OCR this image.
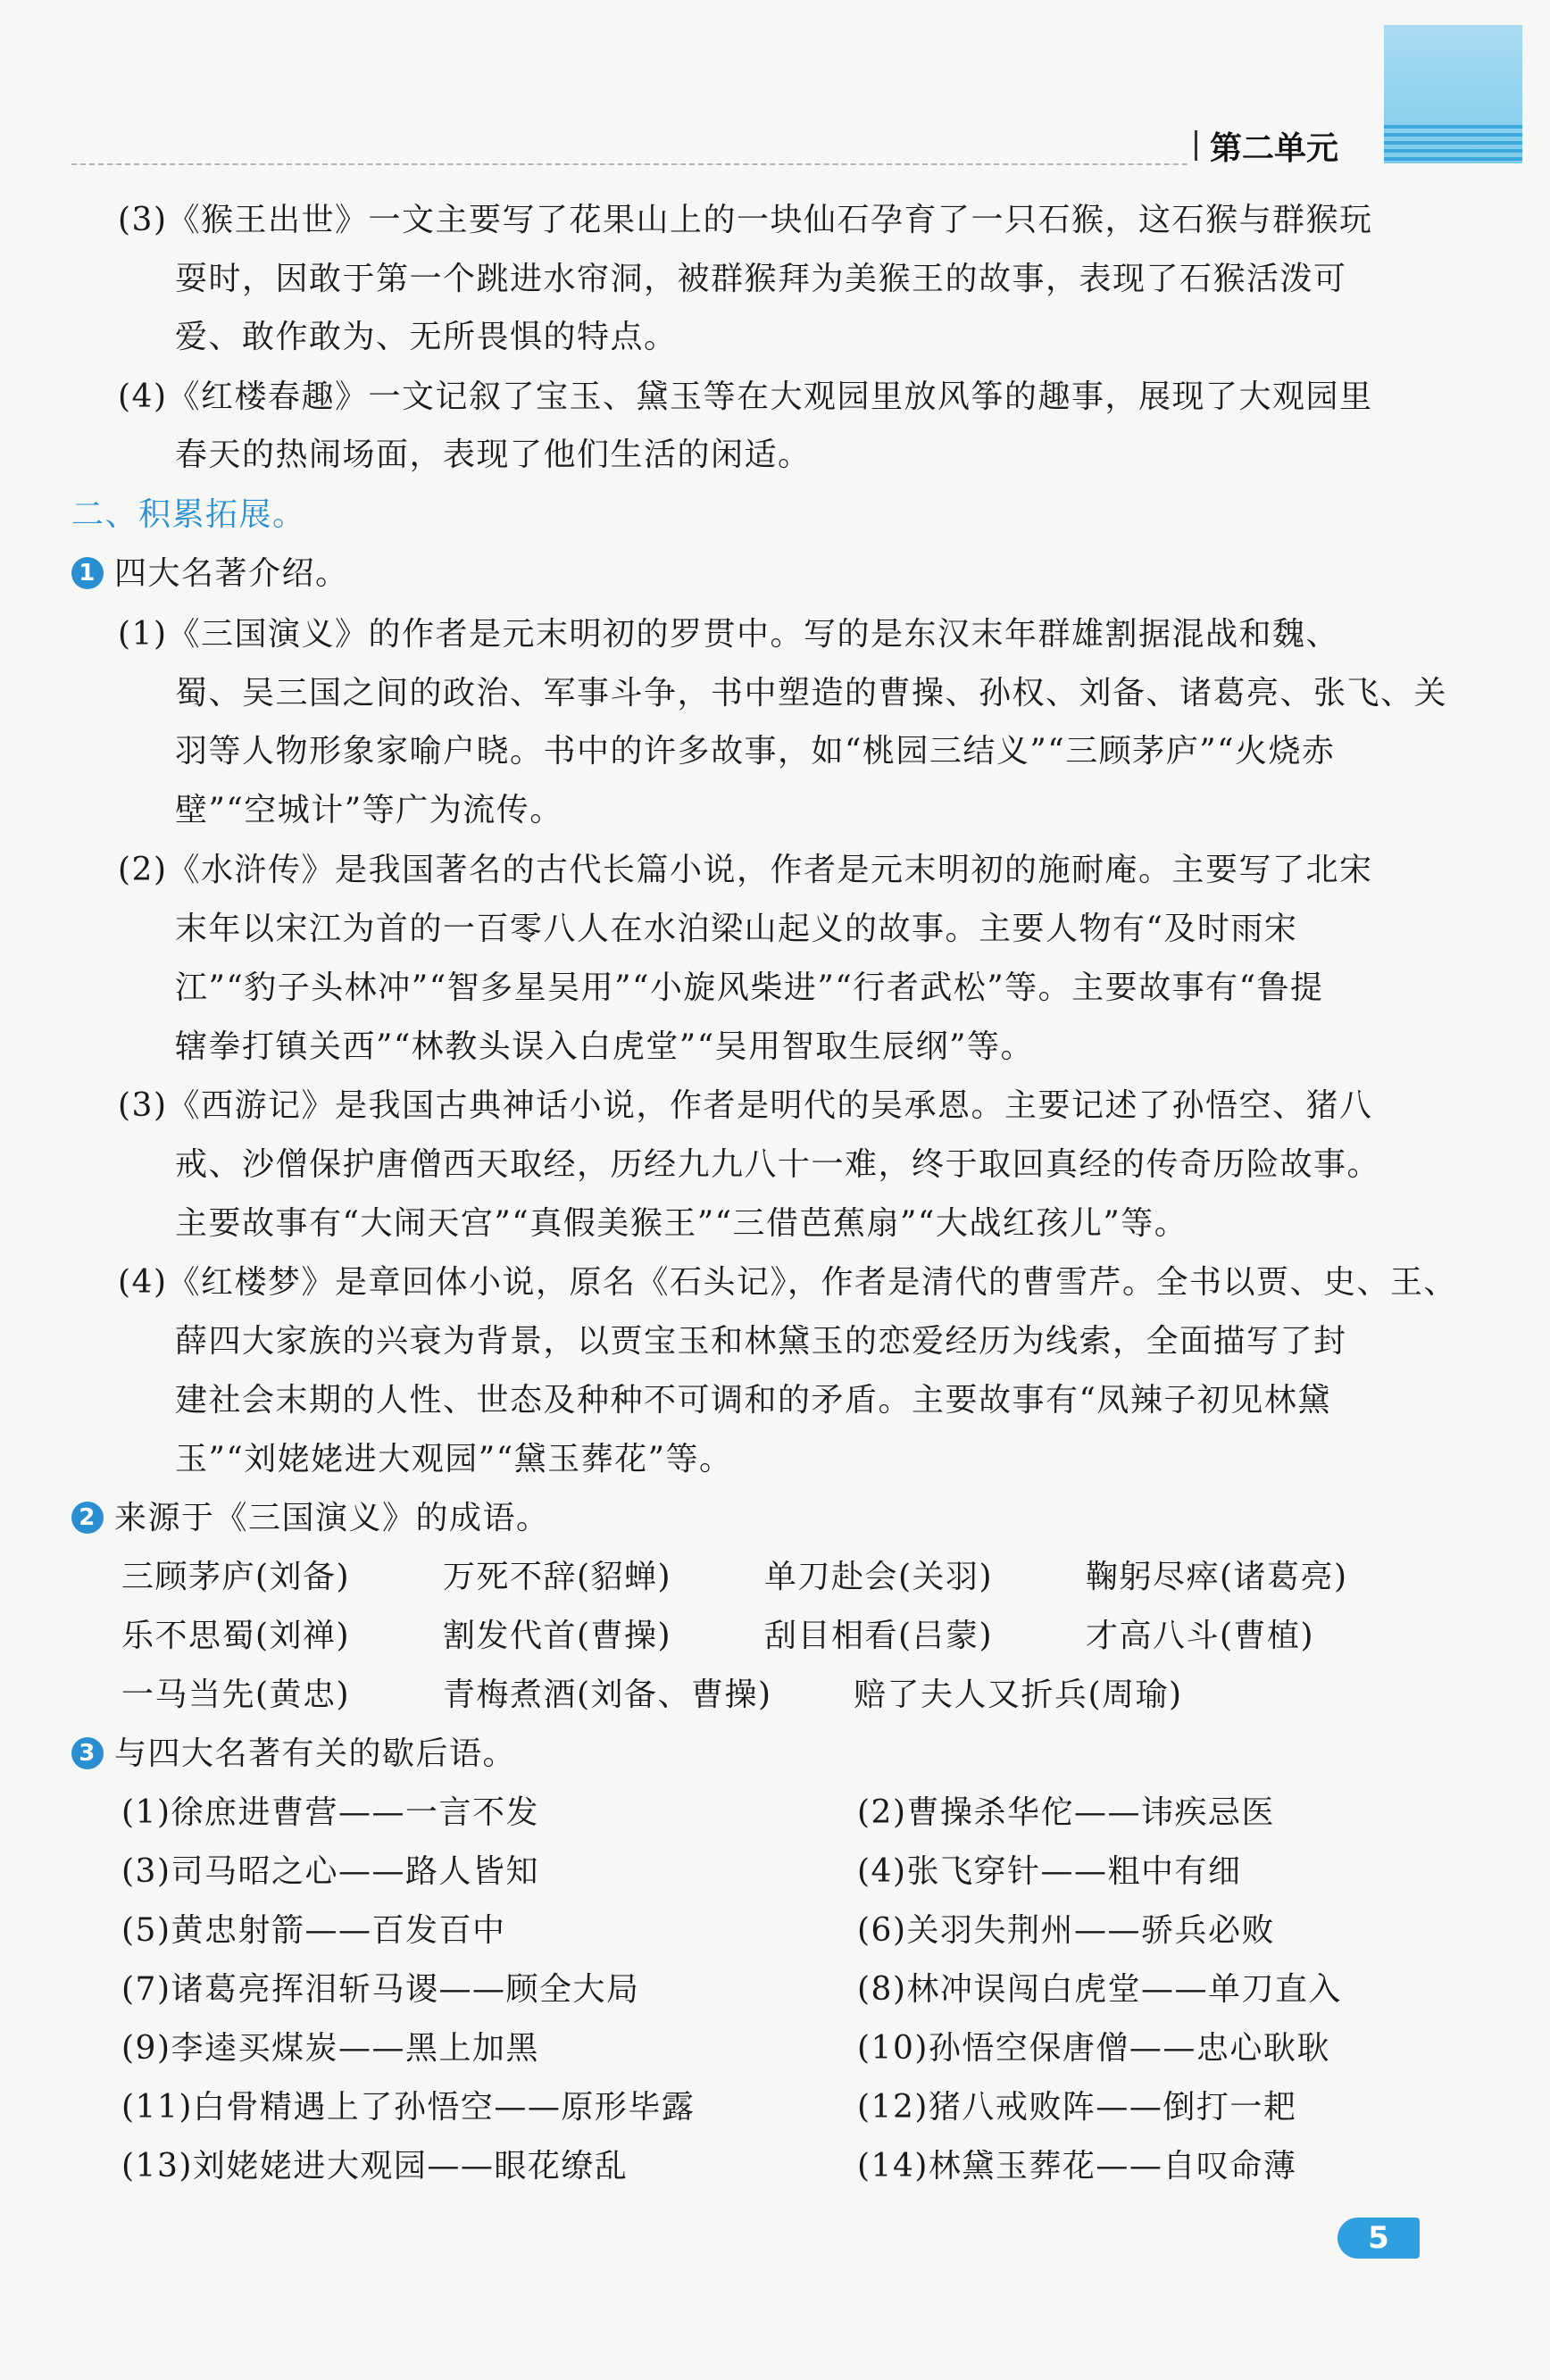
第二单元
(3)《猴王出世》一文主要写了花果山上的一块仙石孕育了一只石猴，这石猴与群猴玩
耍时，因敢于第一个跳进水帘洞，被群猴拜为美猴王的故事，表现了石猴活泼可
爱、敢作敢为、无所畏惧的特点。
(4)《红楼春趣》一文记叙了宝玉、黛玉等在大观园里放风筝的趣事，展现了大观园里
春天的热闹场面，表现了他们生活的闲适。
(1)《三国演义》的作者是元末明初的罗贯中。写的是东汉末年群雄割据混战和魏、
蜀、吴三国之间的政治、军事斗争，书中塑造的曹操、孙权、刘备、诸葛亮、张飞、关
羽等人物形象家喻户晓。书中的许多故事，如“桃园三结义”“三顾茅庐”“火烧赤
壁”“空城计”等广为流传。
(2)《水浒传》是我国著名的古代长篇小说，作者是元末明初的施耐庵。主要写了北宋
末年以宋江为首的一百零八人在水泊梁山起义的故事。主要人物有“及时雨宋
江”“豹子头林冲”“智多星吴用”“小旋风柴进”“行者武松”等。主要故事有“鲁提
辖拳打镇关西”“林教头误入白虎堂”“吴用智取生辰纲”等。
(3)《西游记》是我国古典神话小说，作者是明代的吴承恩。主要记述了孙悟空、猪八
戒、沙僧保护唐僧西天取经，历经九九八十一难，终于取回真经的传奇历险故事。
主要故事有“大闹天宫”“真假美猴王”“三借芭蕉扇”“大战红孩儿”等。
(4)《红楼梦》是章回体小说，原名《石头记》，作者是清代的曹雪芹。全书以贾、史、王、
薛四大家族的兴衰为背景，以贾宝玉和林黛玉的恋爱经历为线索，全面描写了封
建社会末期的人性、世态及种种不可调和的矛盾。主要故事有“凤辣子初见林黛
玉”“刘姥姥进大观园”“黛玉葬花”等。
三顾茅庐(刘备)	万死不辞(貂蝉)	单刀赴会(关羽)	鞠躬尽瘁(诸葛亮)
乐不思蜀(刘禅)	割发代首(曹操)	刮目相看(吕蒙)	才高八斗(曹植)
一马当先(黄忠)	青梅煮酒(刘备、曹操)	赔了夫人又折兵(周瑜)
(1)徐庶进曹营——一言不发	(2)曹操杀华佗——讳疾忌医
(3)司马昭之心——路人皆知	(4)张飞穿针——粗中有细
(5)黄忠射箭——百发百中	(6)关羽失荆州——骄兵必败
(7)诸葛亮挥泪斩马谡——顾全大局	(8)林冲误闯白虎堂——单刀直入
(9)李逵买煤炭——黑上加黑	(10)孙悟空保唐僧——忠心耿耿
(11)白骨精遇上了孙悟空——原形毕露	(12)猪八戒败阵——倒打一耙
(13)刘姥姥进大观园——眼花缭乱	(14)林黛玉葬花——自叹命薄
二、积累拓展。
1 四大名著介绍。
2 来源于《三国演义》的成语。
3 与四大名著有关的歇后语。
5
